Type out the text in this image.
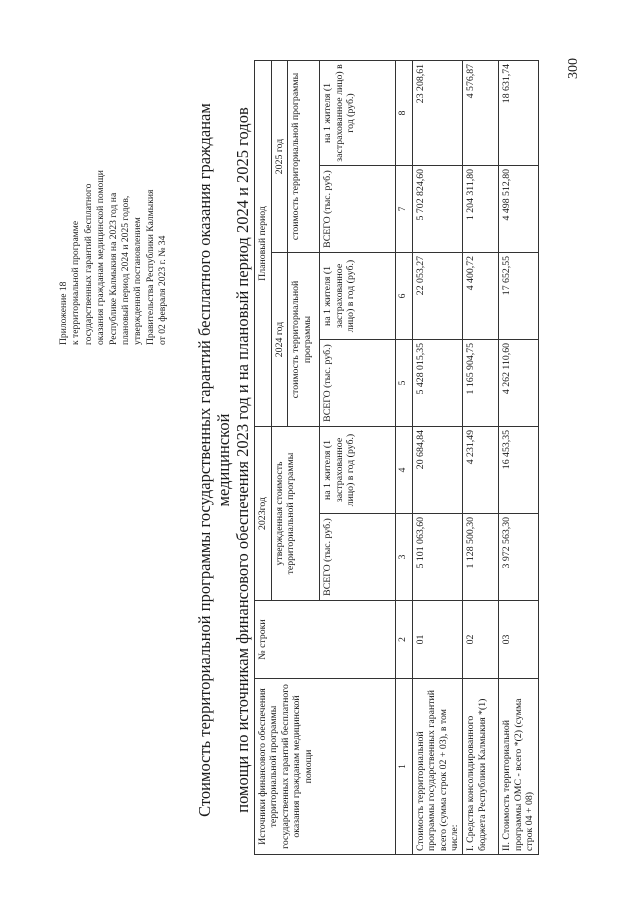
Приложение 18 к территориальной программе государственных гарантий бесплатного оказания гражданам медицинской помощи Республике Калмыкия на 2023 год на плановый период 2024 и 2025 годов, утвержденной постановлением Правительства Республики Калмыкия от 02 февраля 2023 г. № 34 Стоимость территориальной программы государственных гарантий бесплатного оказания гражданам медицинской помощи по источникам финансового обеспечения 2023 год и на плановый период 2024 и 2025 годов Источники финансового обеспечения территориальной программы государственных гарантий бесплатного оказания гражданам медицинской помощи	№ строки	2023год		Плановый период			
		утвержденная стоимость территориальной программы		2024 год		2025 год	
				стоимость территориальной программы		стоимость территориальной программы	
		ВСЕГО (тыс. руб.)	на 1 жителя (1 застрахованное лицо) в год (руб.)	ВСЕГО (тыс. руб.)	на 1 жителя (1 застрахованное лицо) в год (руб.)	ВСЕГО (тыс. руб.)	на 1 жителя (1 застрахованное лицо) в год (руб.)
1	2	3	4	5	6	7	8
Стоимость территориальной программы государственных гарантий всего (сумма строк 02 + 03), в том числе:	01	5 101 063,60	20 684,84	5 428 015,35	22 053,27	5 702 824,60	23 208,61
I. Средства консолидированного бюджета Республики Калмыкия *(1)	02	1 128 500,30	4 231,49	1 165 904,75	4 400,72	1 204 311,80	4 576,87
II. Стоимость территориальной программы ОМС - всего *(2) (сумма строк 04 + 08)	03	3 972 563,30	16 453,35	4 262 110,60	17 652,55	4 498 512,80	18 631,74	300
